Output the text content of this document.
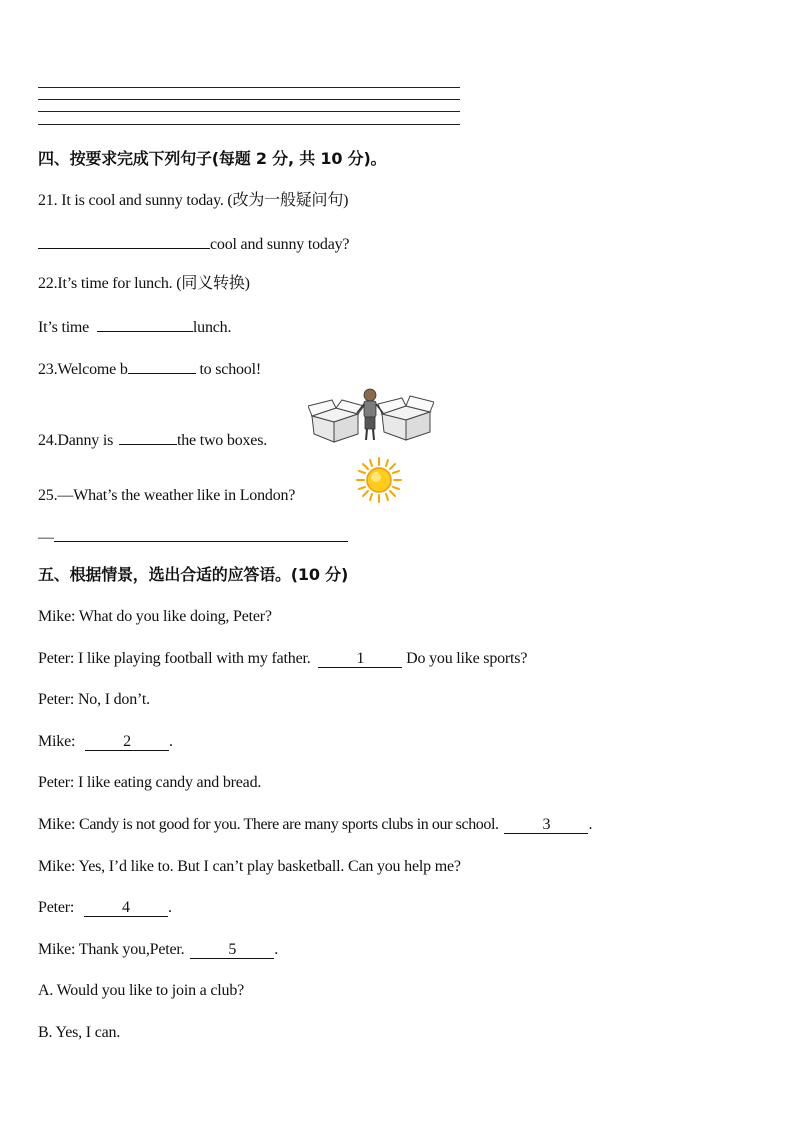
四、按要求完成下列句子(每题 2 分, 共 10 分)。
21. It is cool and sunny today. (改为一般疑问句)
cool and sunny today?
22.It’s time for lunch. (同义转换)
It’s time	lunch.
23.Welcome b	to school!
24.Danny is	the two boxes.
25.—What’s the weather like in London?
—
五、根据情景，选出合适的应答语。(10 分)
Mike: What do you like doing, Peter?
Peter: I like playing football with my father.	1	Do you like sports?
Peter: No, I don’t.
Mike:	2 .
Peter: I like eating candy and bread.
Mike: Candy is not good for you. There are many sports clubs in our school.	3 .
Mike: Yes, I’d like to. But I can’t play basketball. Can you help me?
Peter:	4 .
Mike: Thank you,Peter.	5 .
A. Would you like to join a club?
B. Yes, I can.
